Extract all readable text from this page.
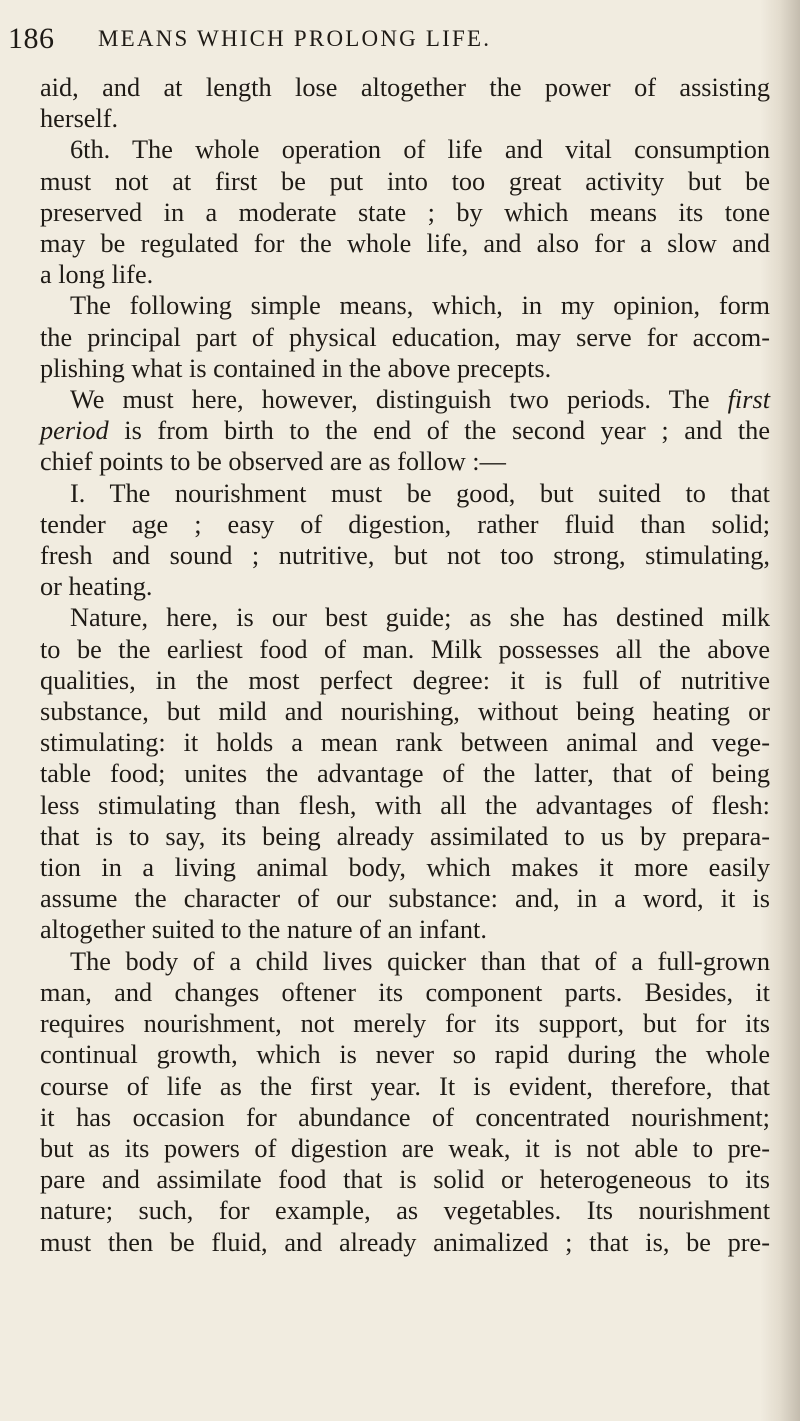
186 MEANS WHICH PROLONG LIFE.

aid, and at length lose altogether the power of assisting
herself.

6th. The whole operation of life and vital consumption
must not at first be put into too great activity but be
preserved in a moderate state ; by which means its tone
may be regulated for the whole life, and also for a slow and
a long life.

The following simple means, which, in my opinion, form
the principal part of physical education, may serve for accom-
plishing what is contained in the above precepts.

We must here, however, distinguish two periods. The first
period is from birth to the end of the second year ; and the
chief points to be observed are as follow :—

I. The nourishment must be good, but suited to that
tender age ; easy of digestion, rather fluid than solid;
fresh and sound ; nutritive, but not too strong, stimulating,
or heating.

Nature, here, is our best guide; as she has destined milk
to be the earliest food of man. Milk possesses all the above
qualities, in the most perfect degree: it is full of nutritive
substance, but mild and nourishing, without being heating or
stimulating: it holds a mean rank between animal and vege-
table food; unites the advantage of the latter, that of being
less stimulating than flesh, with all the advantages of flesh:
that is to say, its being already assimilated to us by prepara-
tion in a living animal body, which makes it more easily
assume the character of our substance: and, in a word, it is
altogether suited to the nature of an infant.

The body of a child lives quicker than that of a full-grown
man, and changes oftener its component parts. Besides, it
requires nourishment, not merely for its support, but for its
continual growth, which is never so rapid during the whole
course of life as the first year. It is evident, therefore, that
it has occasion for abundance of concentrated nourishment;
but as its powers of digestion are weak, it is not able to pre-
pare and assimilate food that is solid or heterogeneous to its
nature; such, for example, as vegetables. Its nourishment
must then be fluid, and already animalized ; that is, be pre-
